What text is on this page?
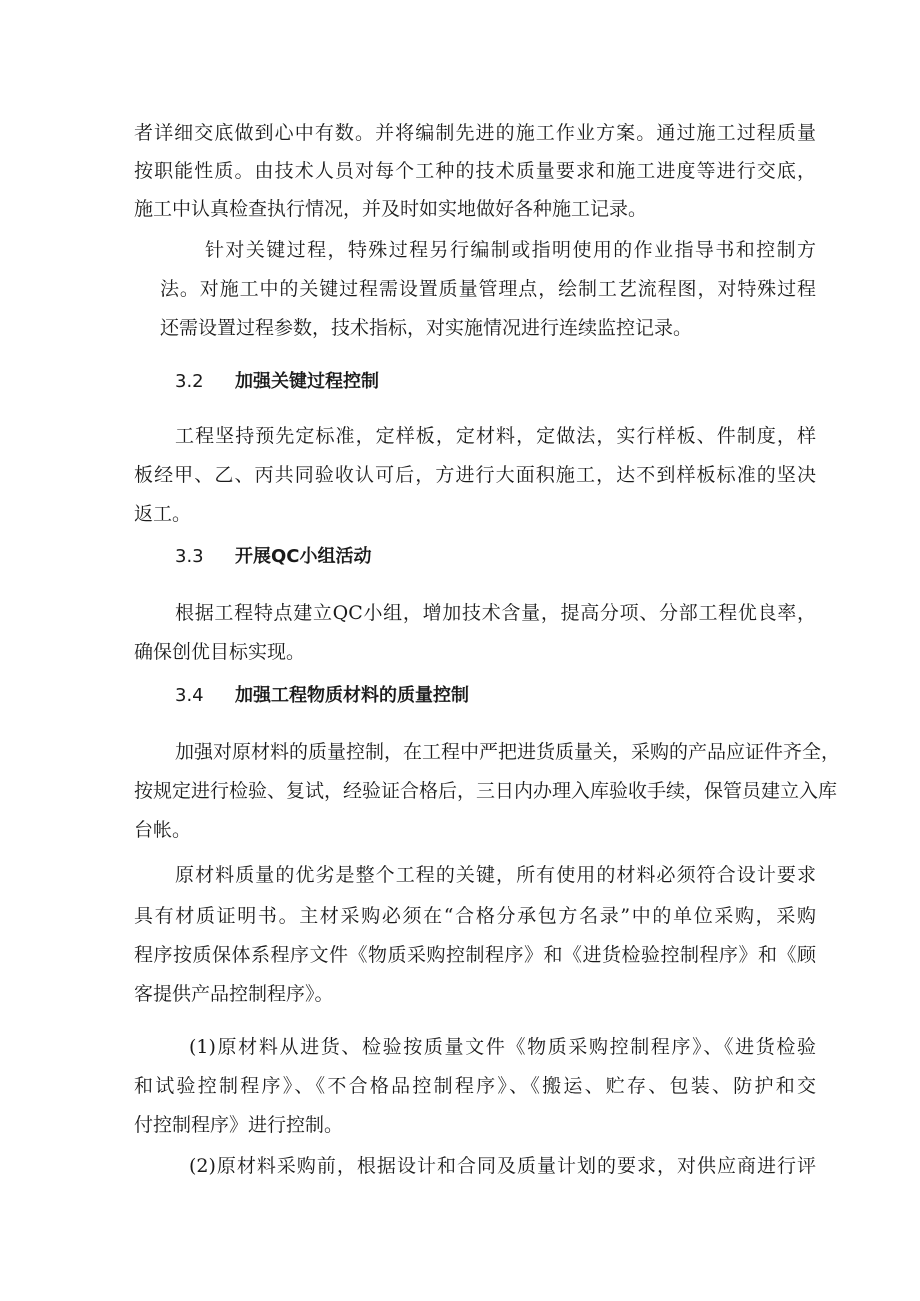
者详细交底做到心中有数。并将编制先进的施工作业方案。通过施工过程质量
按职能性质。由技术人员对每个工种的技术质量要求和施工进度等进行交底，
施工中认真检查执行情况，并及时如实地做好各种施工记录。
针对关键过程，特殊过程另行编制或指明使用的作业指导书和控制方
法。对施工中的关键过程需设置质量管理点，绘制工艺流程图，对特殊过程
还需设置过程参数，技术指标，对实施情况进行连续监控记录。
3.2 加强关键过程控制
工程坚持预先定标准，定样板，定材料，定做法，实行样板、件制度，样
板经甲、乙、丙共同验收认可后，方进行大面积施工，达不到样板标准的坚决
返工。
3.3 开展QC小组活动
根据工程特点建立QC小组，增加技术含量，提高分项、分部工程优良率，
确保创优目标实现。
3.4 加强工程物质材料的质量控制
加强对原材料的质量控制，在工程中严把进货质量关，采购的产品应证件齐全，
按规定进行检验、复试，经验证合格后，三日内办理入库验收手续，保管员建立入库
台帐。
原材料质量的优劣是整个工程的关键，所有使用的材料必须符合设计要求
具有材质证明书。主材采购必须在“合格分承包方名录”中的单位采购，采购
程序按质保体系程序文件《物质采购控制程序》和《进货检验控制程序》和《顾
客提供产品控制程序》。
(1)原材料从进货、检验按质量文件《物质采购控制程序》、《进货检验
和试验控制程序》、《不合格品控制程序》、《搬运、贮存、包装、防护和交
付控制程序》进行控制。
(2)原材料采购前，根据设计和合同及质量计划的要求，对供应商进行评
